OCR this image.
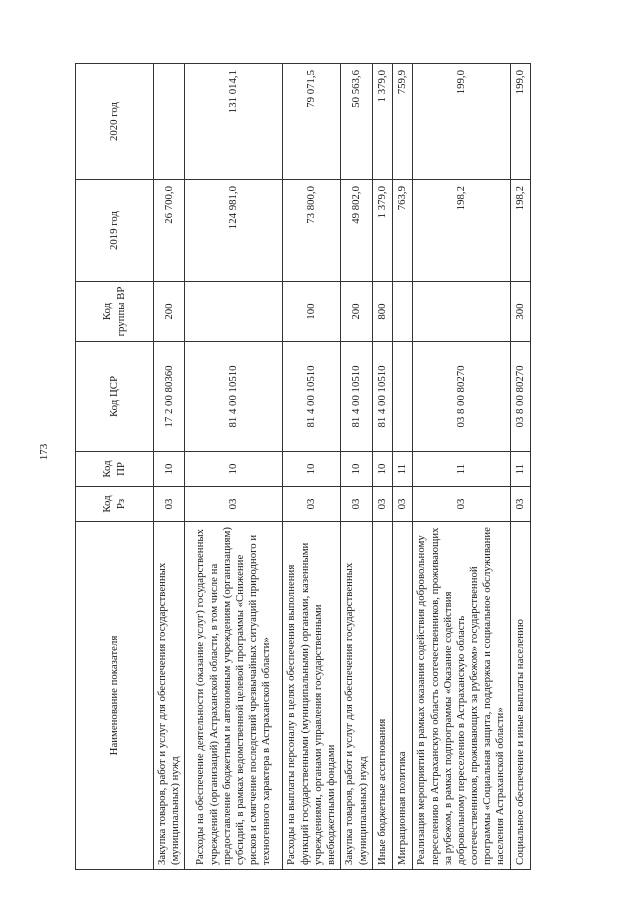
173
Наименование показателя	Код Рз	Код ПР	Код ЦСР	Код группы ВР	2019 год	2020 год
Закупка товаров, работ и услуг для обеспечения государственных (муниципальных) нужд	03	10	17 2 00 80360	200	26 700,0	
Расходы на обеспечение деятельности (оказание услуг) государственных учреждений (организаций) Астраханской области, в том числе на предоставление бюджетным и автономным учреждениям (организациям) субсидий, в рамках ведомственной целевой программы «Снижение рисков и смягчение последствий чрезвычайных ситуаций природного и техногенного характера в Астраханской области»	03	10	81 4 00 10510		124 981,0	131 014,1
Расходы на выплаты персоналу в целях обеспечения выполнения функций государственными (муниципальными) органами, казенными учреждениями, органами управления государственными внебюджетными фондами	03	10	81 4 00 10510	100	73 800,0	79 071,5
Закупка товаров, работ и услуг для обеспечения государственных (муниципальных) нужд	03	10	81 4 00 10510	200	49 802,0	50 563,6
Иные бюджетные ассигнования	03	10	81 4 00 10510	800	1 379,0	1 379,0
Миграционная политика	03	11			763,9	759,9
Реализация мероприятий в рамках оказания содействия добровольному переселению в Астраханскую область соотечественников, проживающих за рубежом, в рамках подпрограммы «Оказание содействия добровольному переселению в Астраханскую область соотечественников, проживающих за рубежом» государственной программы «Социальная защита, поддержка и социальное обслуживание населения Астраханской области»	03	11	03 8 00 80270		198,2	199,0
Социальное обеспечение и иные выплаты населению	03	11	03 8 00 80270	300	198,2	199,0
